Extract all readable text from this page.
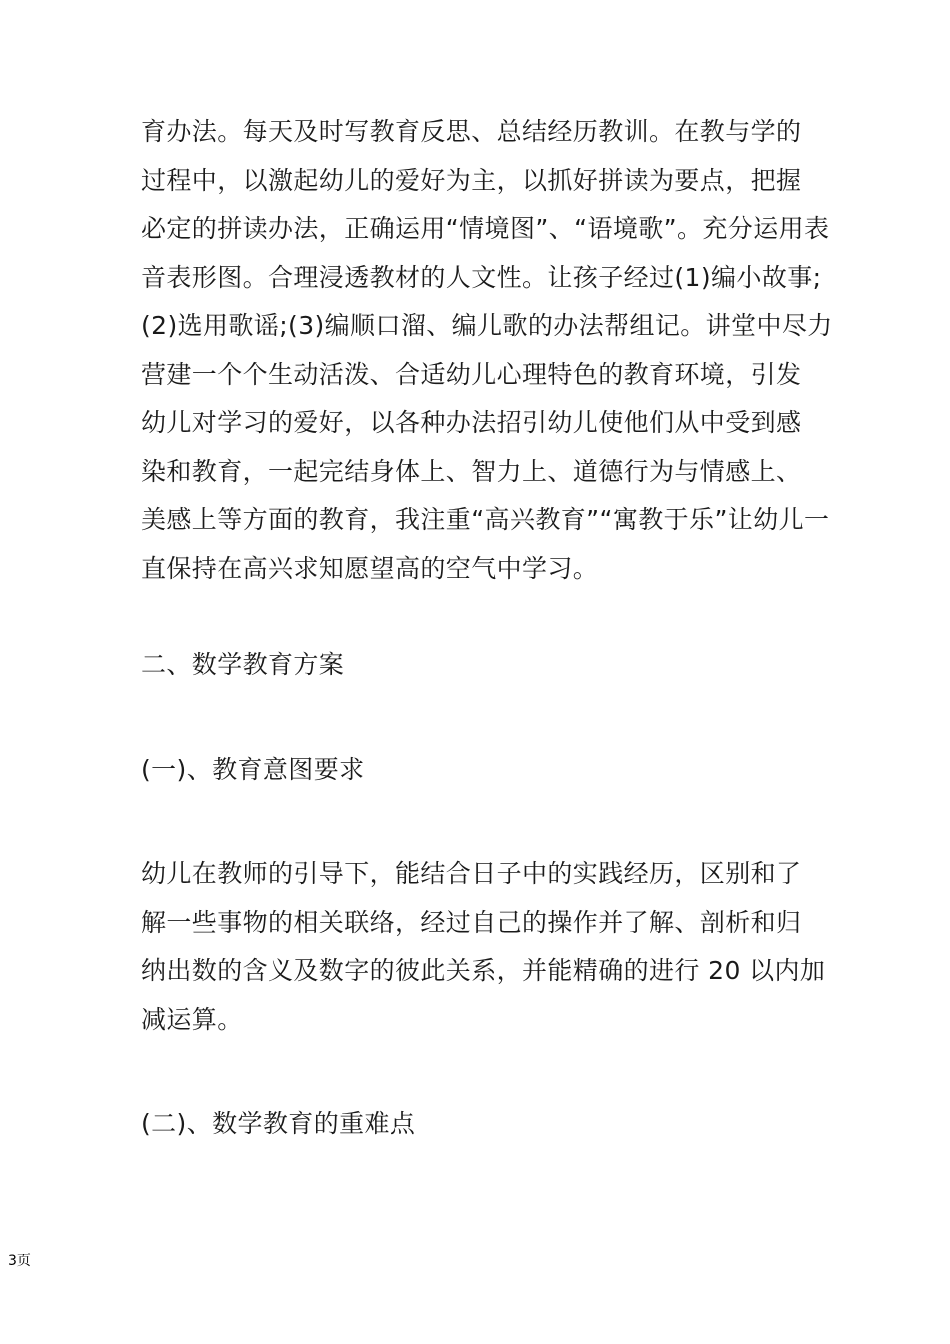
育办法。每天及时写教育反思、总结经历教训。在教与学的
过程中，以激起幼儿的爱好为主，以抓好拼读为要点，把握
必定的拼读办法，正确运用“情境图”、“语境歌”。充分运用表
音表形图。合理浸透教材的人文性。让孩子经过(1)编小故事;
(2)选用歌谣;(3)编顺口溜、编儿歌的办法帮组记。讲堂中尽力
营建一个个生动活泼、合适幼儿心理特色的教育环境，引发
幼儿对学习的爱好，以各种办法招引幼儿使他们从中受到感
染和教育，一起完结身体上、智力上、道德行为与情感上、
美感上等方面的教育，我注重“高兴教育”“寓教于乐”让幼儿一
直保持在高兴求知愿望高的空气中学习。
二、数学教育方案
(一)、教育意图要求
幼儿在教师的引导下，能结合日子中的实践经历，区别和了
解一些事物的相关联络，经过自己的操作并了解、剖析和归
纳出数的含义及数字的彼此关系，并能精确的进行 20 以内加
减运算。
(二)、数学教育的重难点
3页
